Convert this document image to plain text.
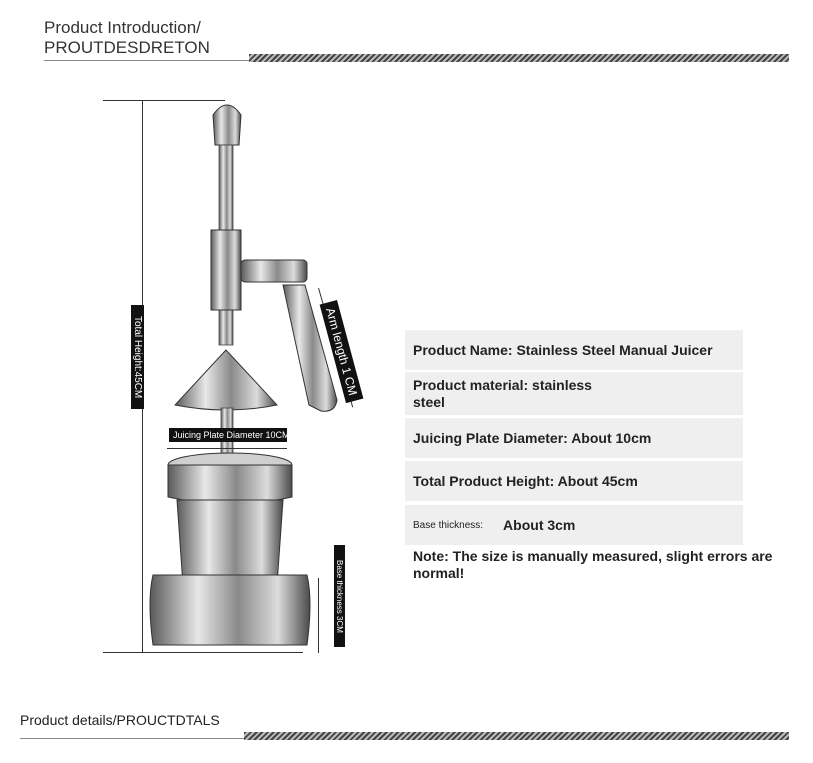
Product Introduction/
PROUTDESDRETON
Total Height:45CM	Arm length 1 CM
Juicing Plate Diameter 10CM
Base thickness 3CM
Product Name: Stainless Steel Manual Juicer
Product material: stainless
steel
Juicing Plate Diameter: About 10cm
Total Product Height: About 45cm
Base thickness: About 3cm
Note: The size is manually measured, slight errors are normal!
Product details/PROUCTDTALS
